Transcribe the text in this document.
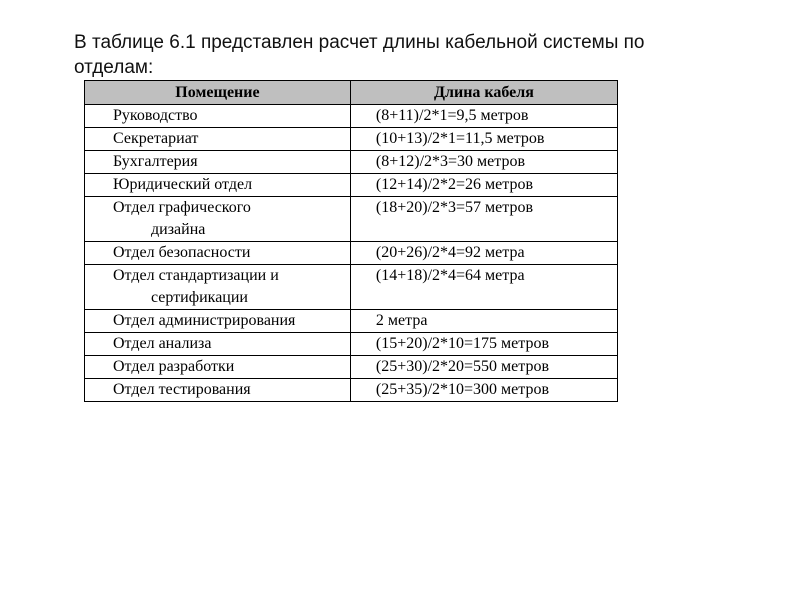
В таблице 6.1 представлен расчет длины кабельной системы по отделам:
Помещение	Длина кабеля

Руководство	(8+11)/2*1=9,5 метров

Секретариат	(10+13)/2*1=11,5 метров

Бухгалтерия	(8+12)/2*3=30 метров

Юридический отдел	(12+14)/2*2=26 метров

Отдел графического
дизайна	(18+20)/2*3=57 метров

Отдел безопасности	(20+26)/2*4=92 метра

Отдел стандартизации и
сертификации	(14+18)/2*4=64 метра

Отдел администрирования	2 метра

Отдел анализа	(15+20)/2*10=175 метров

Отдел разработки	(25+30)/2*20=550 метров

Отдел тестирования	(25+35)/2*10=300 метров
